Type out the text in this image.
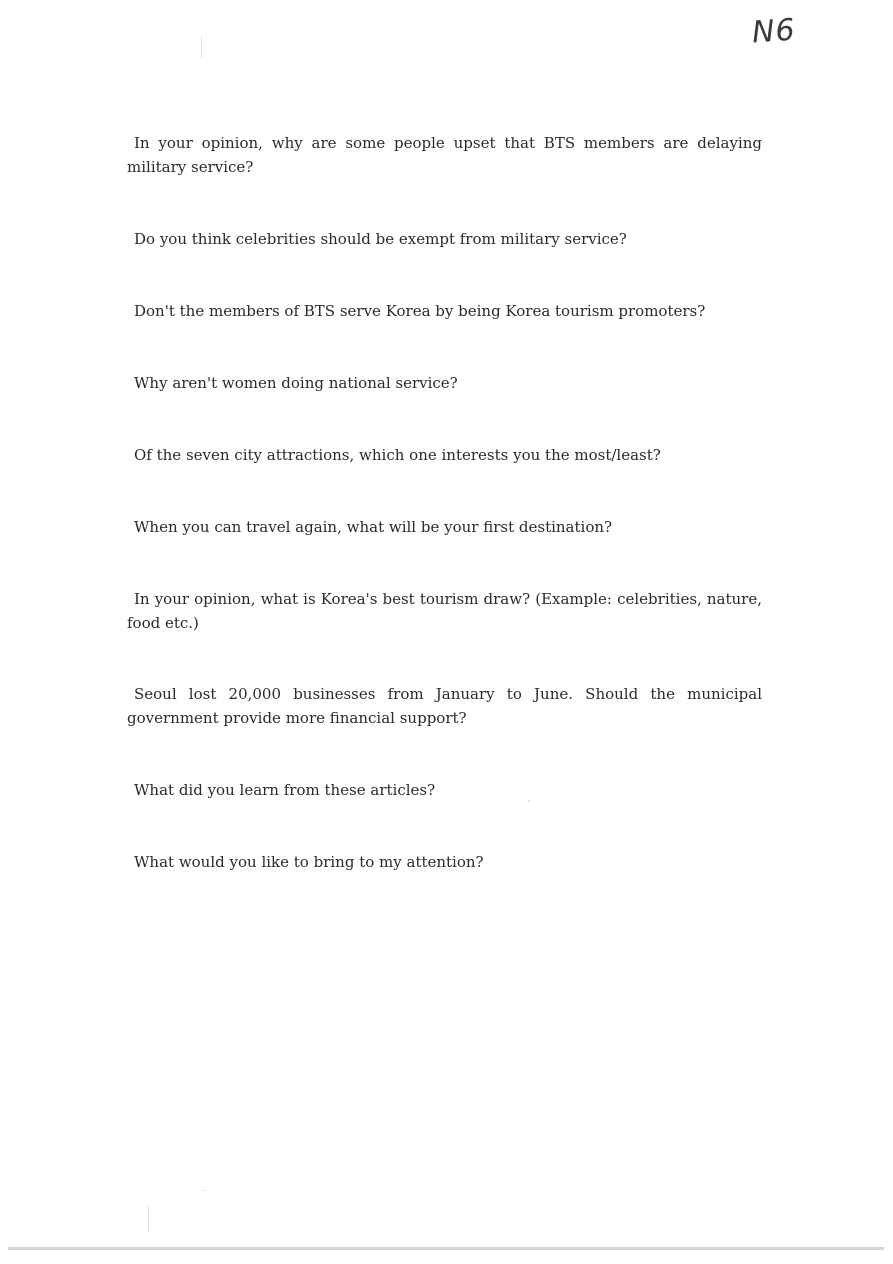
N6

In your opinion, why are some people upset that BTS members are delaying military service?

Do you think celebrities should be exempt from military service?

Don't the members of BTS serve Korea by being Korea tourism promoters?

Why aren't women doing national service?

Of the seven city attractions, which one interests you the most/least?

When you can travel again, what will be your first destination?

In your opinion, what is Korea's best tourism draw? (Example: celebrities, nature, food etc.)

Seoul lost 20,000 businesses from January to June. Should the municipal government provide more financial support?

What did you learn from these articles?

What would you like to bring to my attention?
